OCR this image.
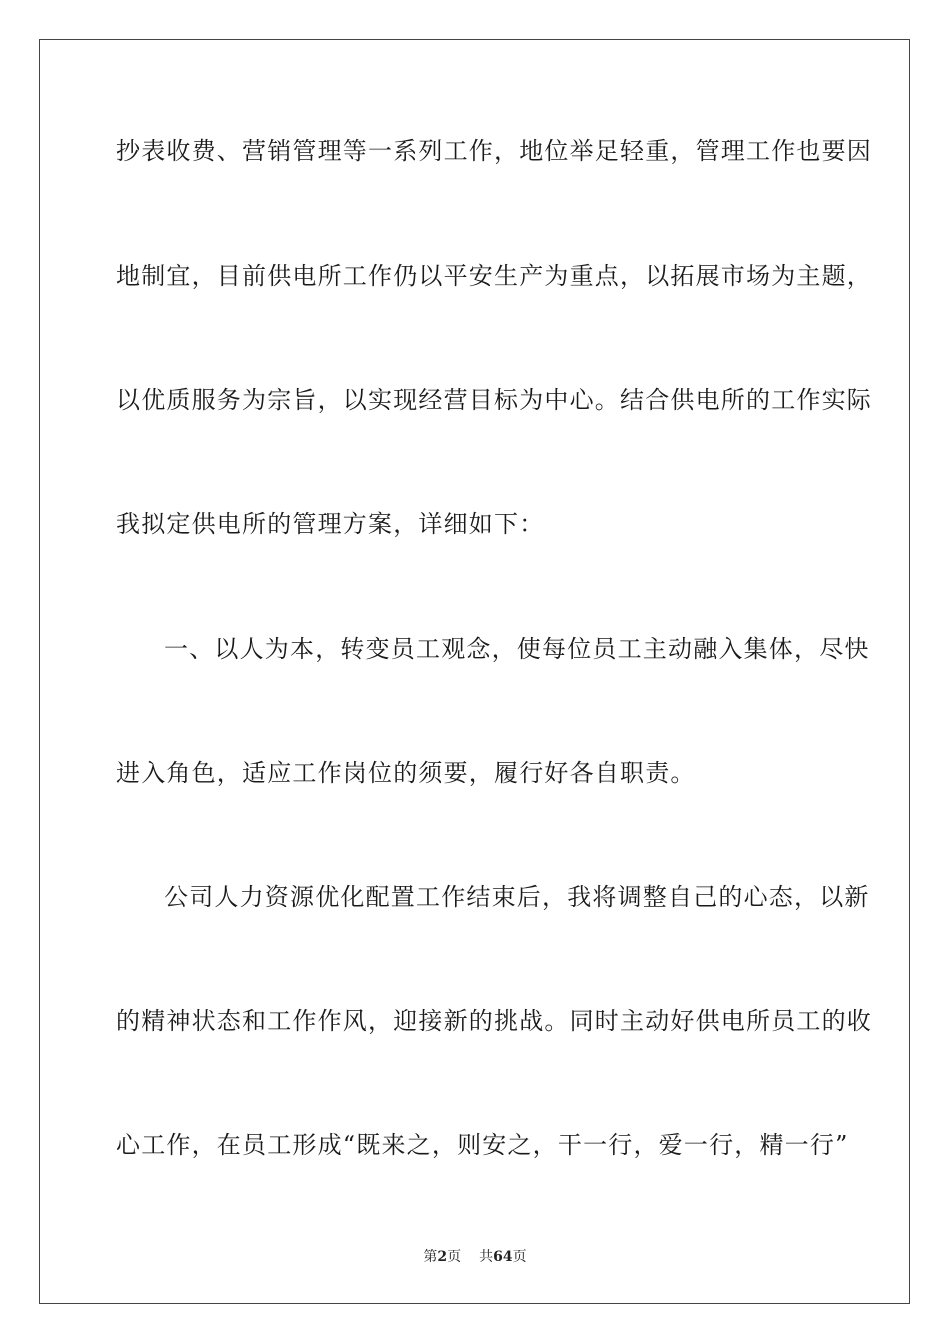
抄表收费、营销管理等一系列工作，地位举足轻重，管理工作也要因
地制宜，目前供电所工作仍以平安生产为重点，以拓展市场为主题，
以优质服务为宗旨，以实现经营目标为中心。结合供电所的工作实际
我拟定供电所的管理方案，详细如下：
一、以人为本，转变员工观念，使每位员工主动融入集体，尽快
进入角色，适应工作岗位的须要，履行好各自职责。
公司人力资源优化配置工作结束后，我将调整自己的心态，以新
的精神状态和工作作风，迎接新的挑战。同时主动好供电所员工的收
心工作，在员工形成“既来之，则安之，干一行，爱一行，精一行”
第2页 共64页
